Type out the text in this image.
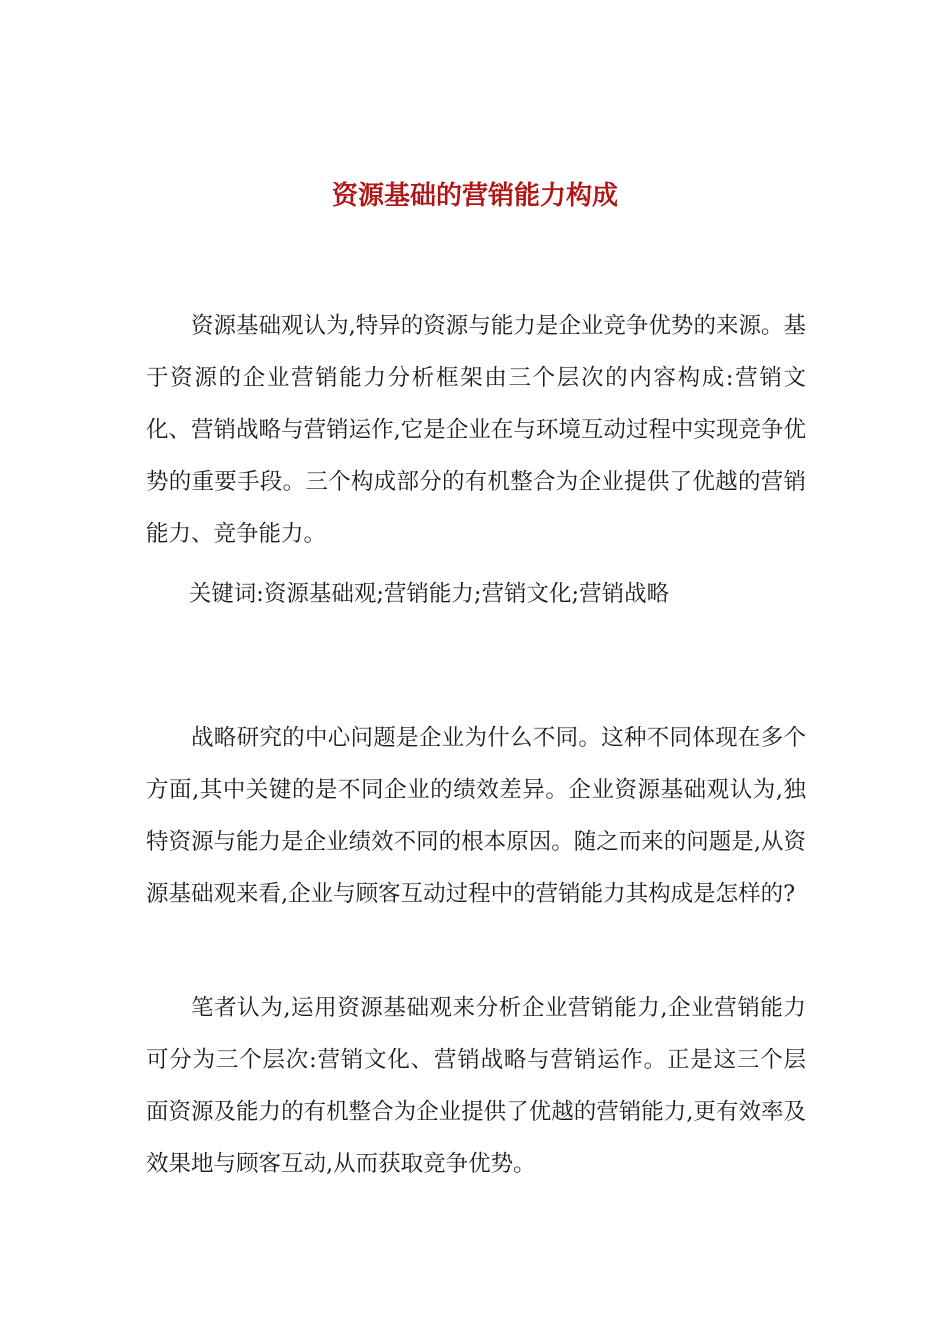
资源基础的营销能力构成

资源基础观认为,特异的资源与能力是企业竞争优势的来源。基于资源的企业营销能力分析框架由三个层次的内容构成:营销文化、营销战略与营销运作,它是企业在与环境互动过程中实现竞争优势的重要手段。三个构成部分的有机整合为企业提供了优越的营销能力、竞争能力。

关键词:资源基础观;营销能力;营销文化;营销战略

战略研究的中心问题是企业为什么不同。这种不同体现在多个方面,其中关键的是不同企业的绩效差异。企业资源基础观认为,独特资源与能力是企业绩效不同的根本原因。随之而来的问题是,从资源基础观来看,企业与顾客互动过程中的营销能力其构成是怎样的?

笔者认为,运用资源基础观来分析企业营销能力,企业营销能力可分为三个层次:营销文化、营销战略与营销运作。正是这三个层面资源及能力的有机整合为企业提供了优越的营销能力,更有效率及效果地与顾客互动,从而获取竞争优势。
